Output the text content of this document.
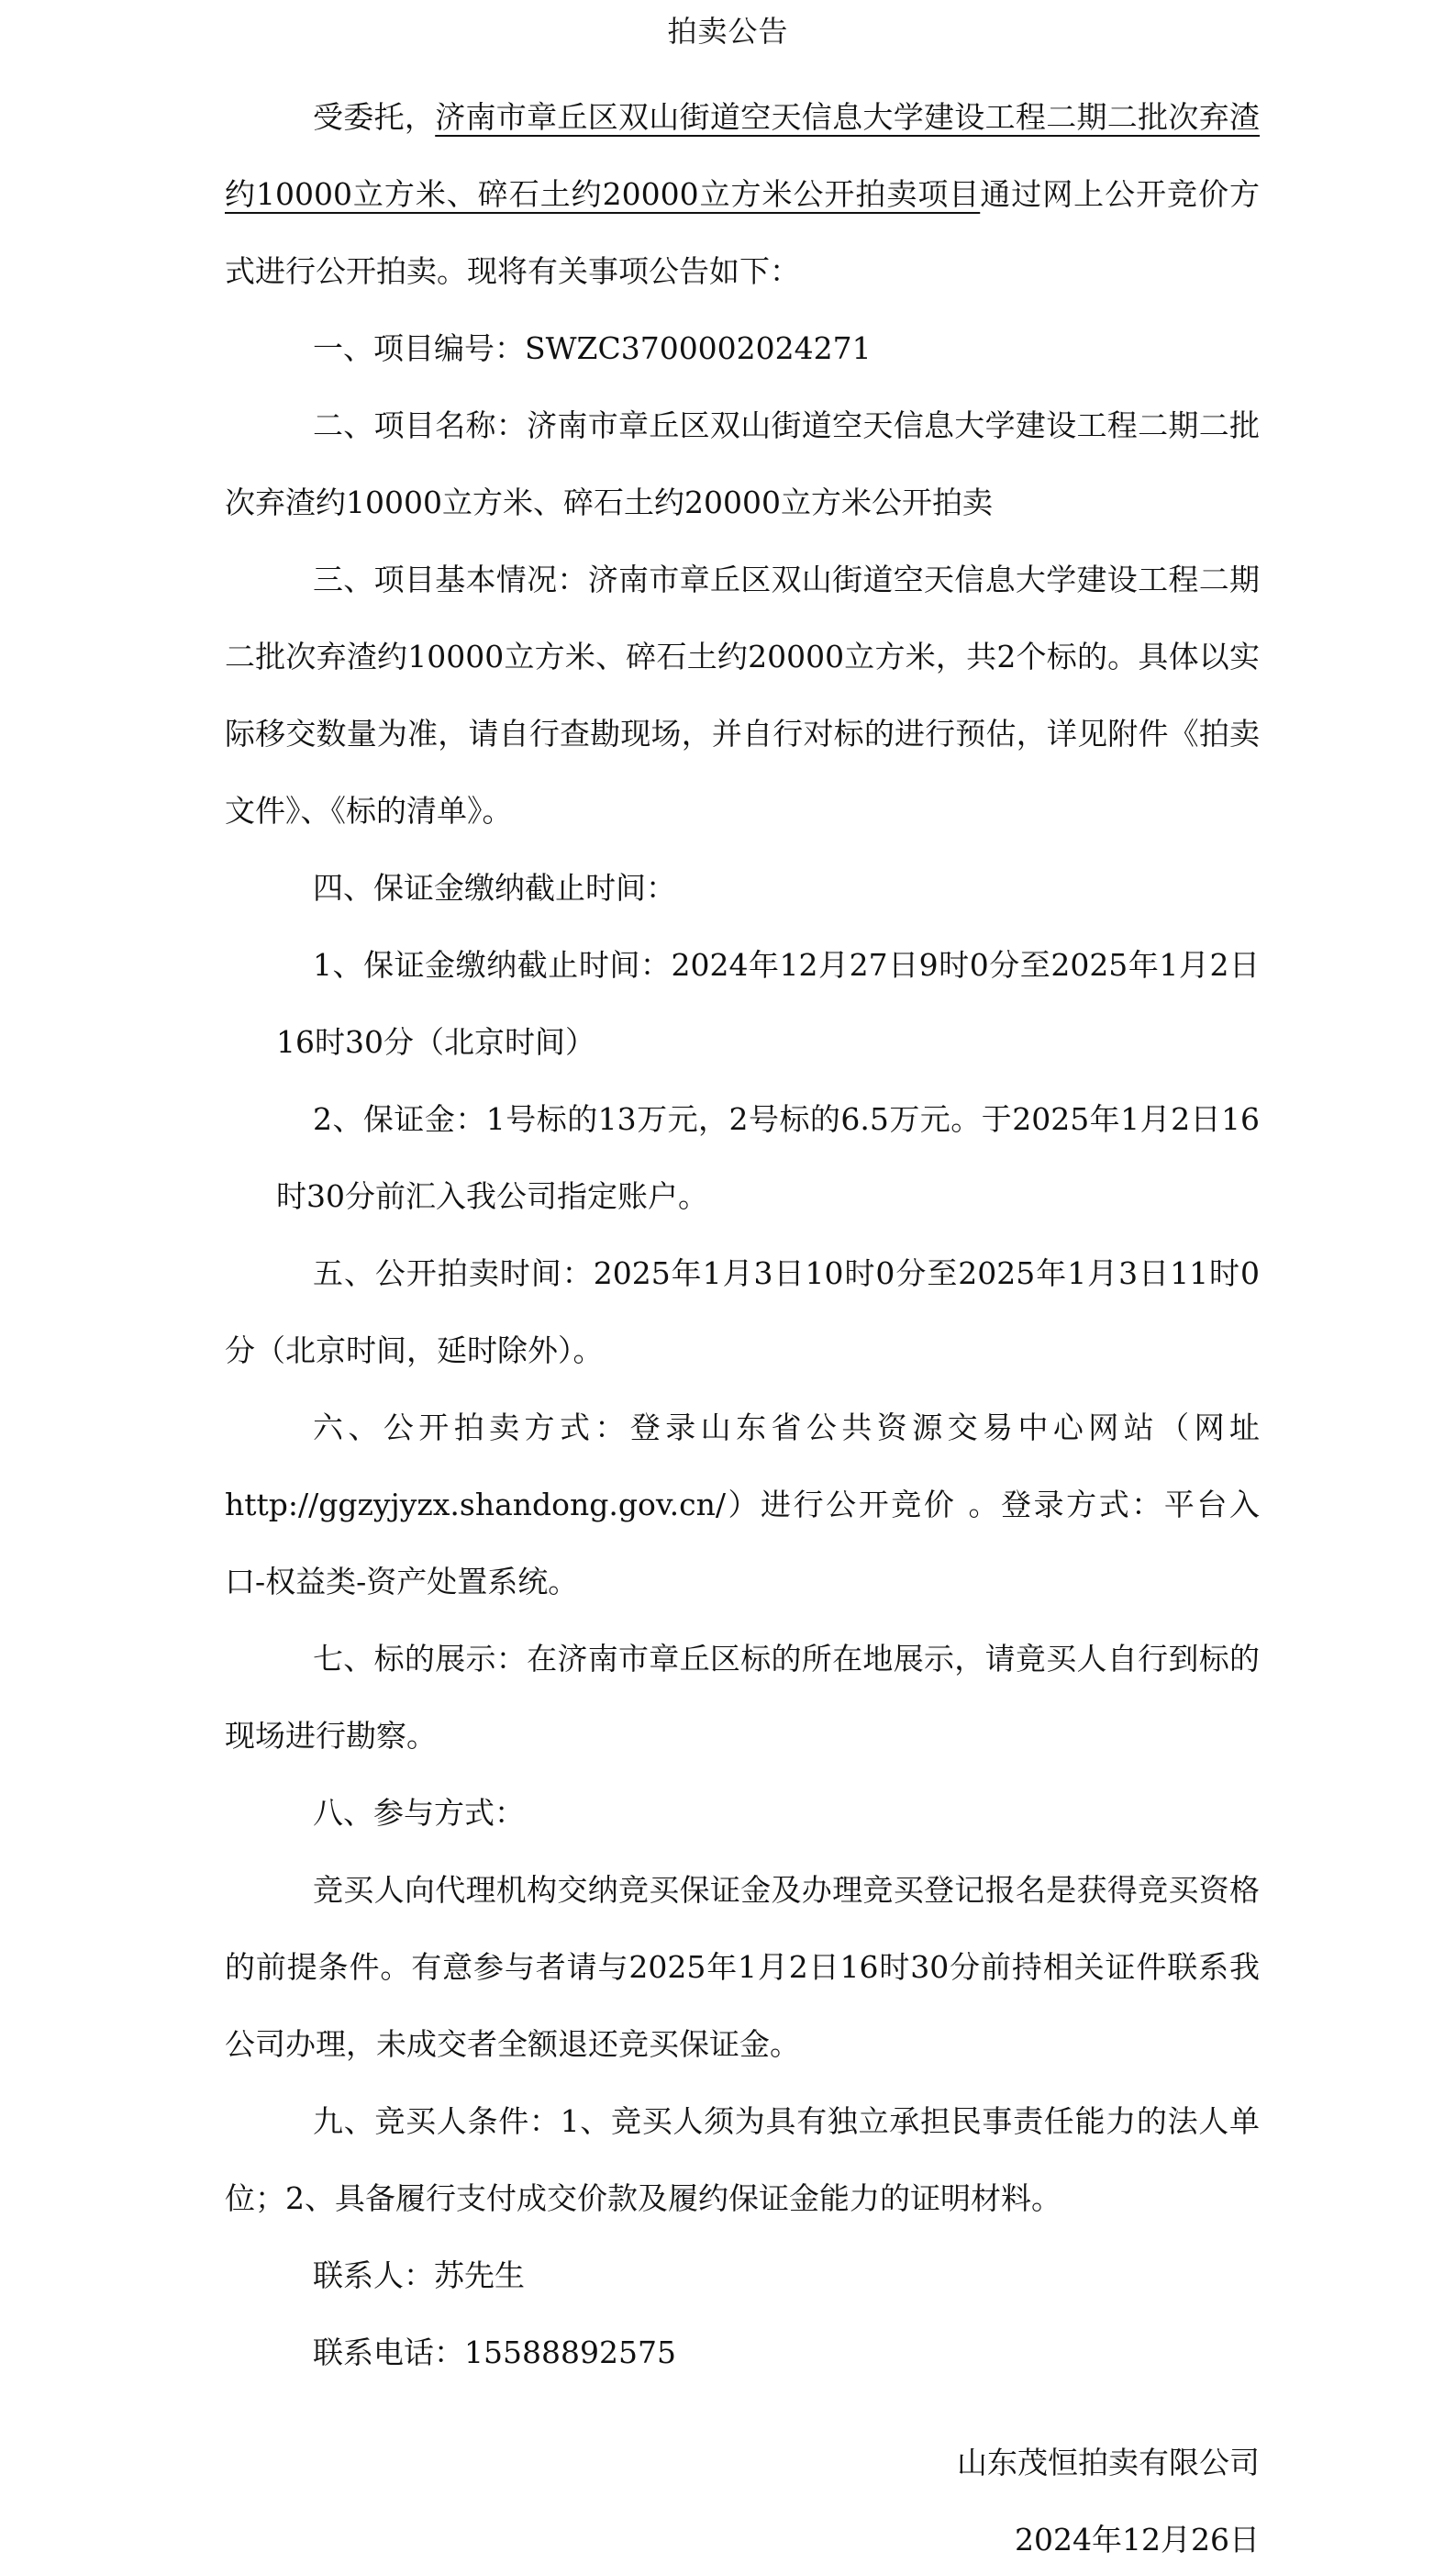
拍卖公告

受委托，济南市章丘区双山街道空天信息大学建设工程二期二批次弃渣约10000立方米、碎石土约20000立方米公开拍卖项目通过网上公开竞价方式进行公开拍卖。现将有关事项公告如下：

一、项目编号：SWZC3700002024271

二、项目名称：济南市章丘区双山街道空天信息大学建设工程二期二批次弃渣约10000立方米、碎石土约20000立方米公开拍卖

三、项目基本情况：济南市章丘区双山街道空天信息大学建设工程二期二批次弃渣约10000立方米、碎石土约20000立方米，共2个标的。具体以实际移交数量为准，请自行查勘现场，并自行对标的进行预估，详见附件《拍卖文件》、《标的清单》。

四、保证金缴纳截止时间：

1、保证金缴纳截止时间：2024年12月27日9时0分至2025年1月2日16时30分（北京时间）

2、保证金：1号标的13万元，2号标的6.5万元。于2025年1月2日16时30分前汇入我公司指定账户。

五、公开拍卖时间：2025年1月3日10时0分至2025年1月3日11时0分（北京时间，延时除外）。

六、公开拍卖方式：登录山东省公共资源交易中心网站（网址http://ggzyjyzx.shandong.gov.cn/）进行公开竞价 。登录方式：平台入口-权益类-资产处置系统。

七、标的展示：在济南市章丘区标的所在地展示，请竟买人自行到标的现场进行勘察。

八、参与方式：

竞买人向代理机构交纳竞买保证金及办理竞买登记报名是获得竞买资格的前提条件。有意参与者请与2025年1月2日16时30分前持相关证件联系我公司办理，未成交者全额退还竞买保证金。

九、竞买人条件：1、竞买人须为具有独立承担民事责任能力的法人单位；2、具备履行支付成交价款及履约保证金能力的证明材料。

联系人：苏先生

联系电话：15588892575

山东茂恒拍卖有限公司
2024年12月26日
